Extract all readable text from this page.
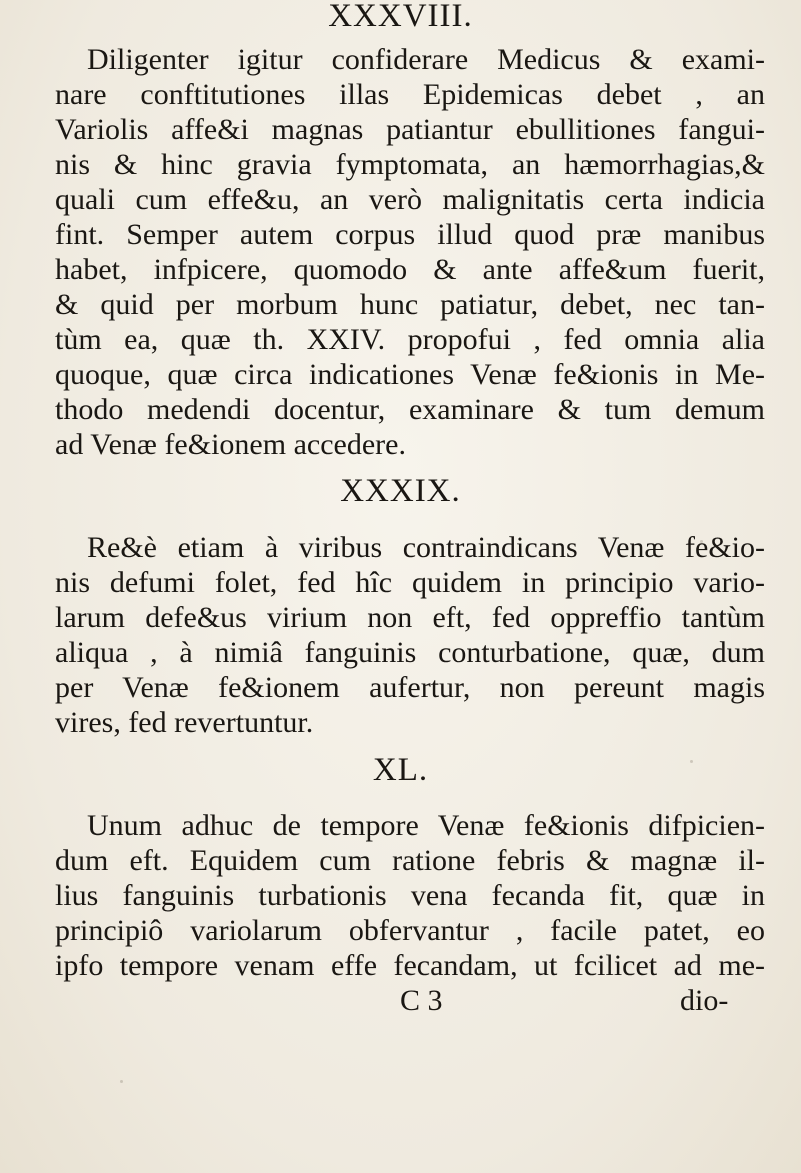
XXXVIII.
Diligenter igitur confiderare Medicus & exami-
nare conftitutiones illas Epidemicas debet , an
Variolis affe&i magnas patiantur ebullitiones fangui-
nis & hinc gravia fymptomata, an hæmorrhagias,&
quali cum effe&u, an verò malignitatis certa indicia
fint. Semper autem corpus illud quod præ manibus
habet, infpicere, quomodo & ante affe&um fuerit,
& quid per morbum hunc patiatur, debet, nec tan-
tùm ea, quæ th. XXIV. propofui , fed omnia alia
quoque, quæ circa indicationes Venæ fe&ionis in Me-
thodo medendi docentur, examinare & tum demum
ad Venæ fe&ionem accedere.
XXXIX.
Re&è etiam à viribus contraindicans Venæ fe&io-
nis defumi folet, fed hîc quidem in principio vario-
larum defe&us virium non eft, fed oppreffio tantùm
aliqua , à nimiâ fanguinis conturbatione, quæ, dum
per Venæ fe&ionem aufertur, non pereunt magis
vires, fed revertuntur.
XL.
Unum adhuc de tempore Venæ fe&ionis difpicien-
dum eft. Equidem cum ratione febris & magnæ il-
lius fanguinis turbationis vena fecanda fit, quæ in
principiô variolarum obfervantur , facile patet, eo
ipfo tempore venam effe fecandam, ut fcilicet ad me-
C 3	dio-
